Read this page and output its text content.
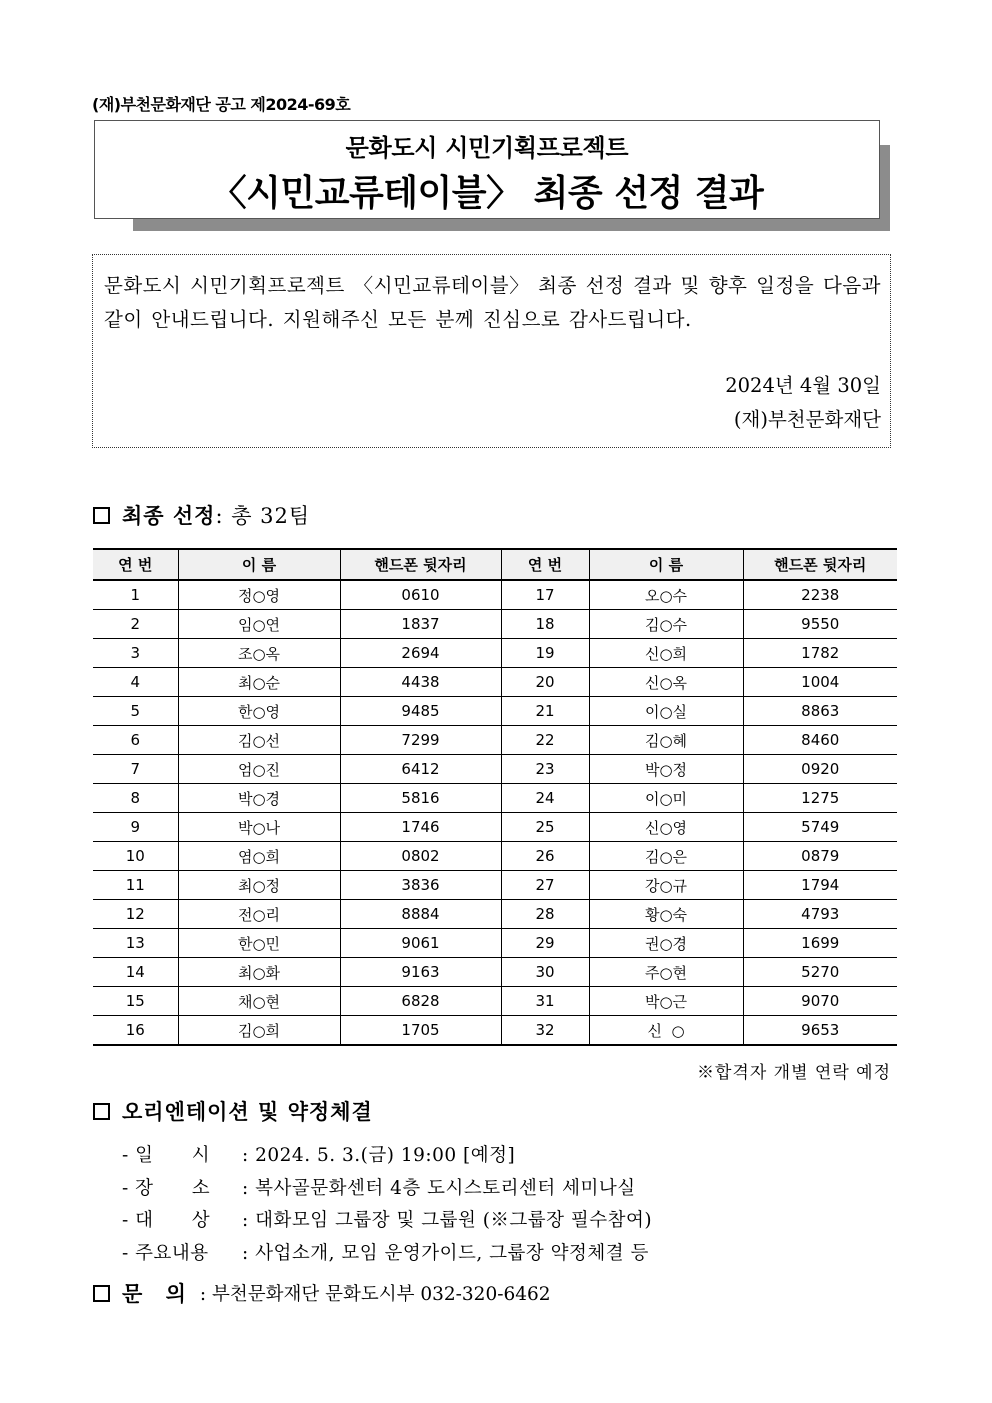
(재)부천문화재단 공고 제2024-69호
문화도시 시민기획프로젝트
〈시민교류테이블〉 최종 선정 결과
문화도시 시민기획프로젝트 〈시민교류테이블〉 최종 선정 결과 및 향후 일정을 다음과 같이 안내드립니다. 지원해주신 모든 분께 진심으로 감사드립니다.
2024년 4월 30일
(재)부천문화재단
최종 선정 : 총 32팀
연 번	이 름	핸드폰 뒷자리	연 번	이 름	핸드폰 뒷자리
1	정○영	0610	17	오○수	2238
2	임○연	1837	18	김○수	9550
3	조○옥	2694	19	신○희	1782
4	최○순	4438	20	신○옥	1004
5	한○영	9485	21	이○실	8863
6	김○선	7299	22	김○혜	8460
7	엄○진	6412	23	박○정	0920
8	박○경	5816	24	이○미	1275
9	박○나	1746	25	신○영	5749
10	염○희	0802	26	김○은	0879
11	최○정	3836	27	강○규	1794
12	전○리	8884	28	황○숙	4793
13	한○민	9061	29	권○경	1699
14	최○화	9163	30	주○현	5270
15	채○현	6828	31	박○근	9070
16	김○희	1705	32	신  ○	9653
※합격자 개별 연락 예정
오리엔테이션 및 약정체결
- 일      시	: 2024. 5. 3.(금) 19:00 [예정]
- 장      소	: 복사골문화센터 4층 도시스토리센터 세미나실
- 대      상	: 대화모임 그룹장 및 그룹원 (※그룹장 필수참여)
- 주요내용	: 사업소개, 모임 운영가이드, 그룹장 약정체결 등
문 의 : 부천문화재단 문화도시부 032-320-6462
